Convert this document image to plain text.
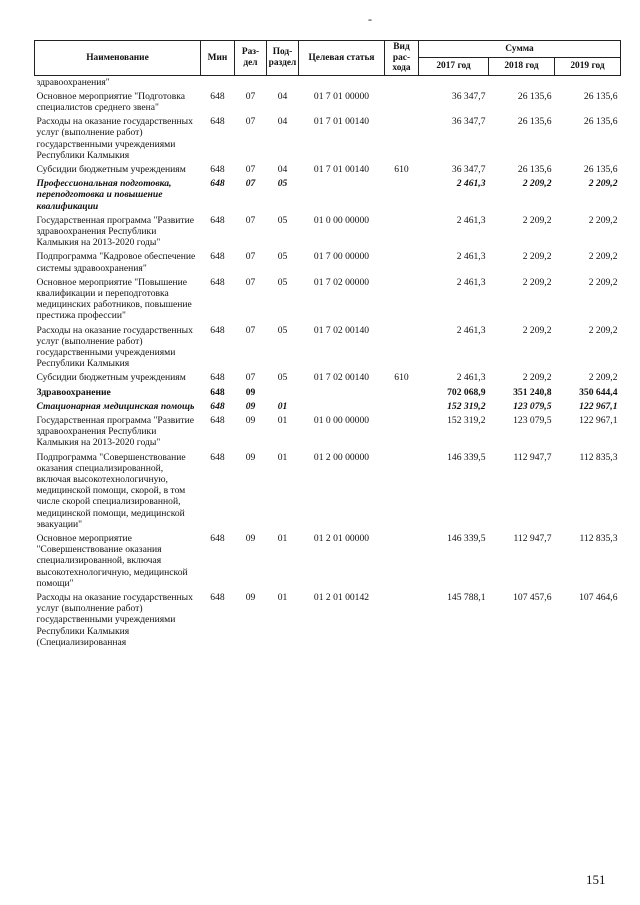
-
Наименование	Мин	Раз-дел	Под-раздел	Целевая статья	Вид рас-хода	Сумма		
						2017 год	2018 год	2019 год
здравоохранения"								
Основное мероприятие "Подготовка специалистов среднего звена"	648	07	04	01 7 01 00000		36 347,7	26 135,6	26 135,6
Расходы на оказание государственных услуг (выполнение работ) государственными учреждениями Республики Калмыкия	648	07	04	01 7 01 00140		36 347,7	26 135,6	26 135,6
Субсидии бюджетным учреждениям	648	07	04	01 7 01 00140	610	36 347,7	26 135,6	26 135,6
Профессиональная подготовка, переподготовка и повышение квалификации	648	07	05			2 461,3	2 209,2	2 209,2
Государственная программа "Развитие здравоохранения Республики Калмыкия на 2013-2020 годы"	648	07	05	01 0 00 00000		2 461,3	2 209,2	2 209,2
Подпрограмма "Кадровое обеспечение системы здравоохранения"	648	07	05	01 7 00 00000		2 461,3	2 209,2	2 209,2
Основное мероприятие "Повышение квалификации и переподготовка медицинских работников, повышение престижа профессии"	648	07	05	01 7 02 00000		2 461,3	2 209,2	2 209,2
Расходы на оказание государственных услуг (выполнение работ) государственными учреждениями Республики Калмыкия	648	07	05	01 7 02 00140		2 461,3	2 209,2	2 209,2
Субсидии бюджетным учреждениям	648	07	05	01 7 02 00140	610	2 461,3	2 209,2	2 209,2
Здравоохранение	648	09				702 068,9	351 240,8	350 644,4
Стационарная медицинская помощь	648	09	01			152 319,2	123 079,5	122 967,1
Государственная программа "Развитие здравоохранения Республики Калмыкия на 2013-2020 годы"	648	09	01	01 0 00 00000		152 319,2	123 079,5	122 967,1
Подпрограмма "Совершенствование оказания специализированной, включая высокотехнологичную, медицинской помощи, скорой, в том числе скорой специализированной, медицинской помощи, медицинской эвакуации"	648	09	01	01 2 00 00000		146 339,5	112 947,7	112 835,3
Основное мероприятие "Совершенствование оказания специализированной, включая высокотехнологичную, медицинской помощи"	648	09	01	01 2 01 00000		146 339,5	112 947,7	112 835,3
Расходы на оказание государственных услуг (выполнение работ) государственными учреждениями Республики Калмыкия (Специализированная	648	09	01	01 2 01 00142		145 788,1	107 457,6	107 464,6
151
